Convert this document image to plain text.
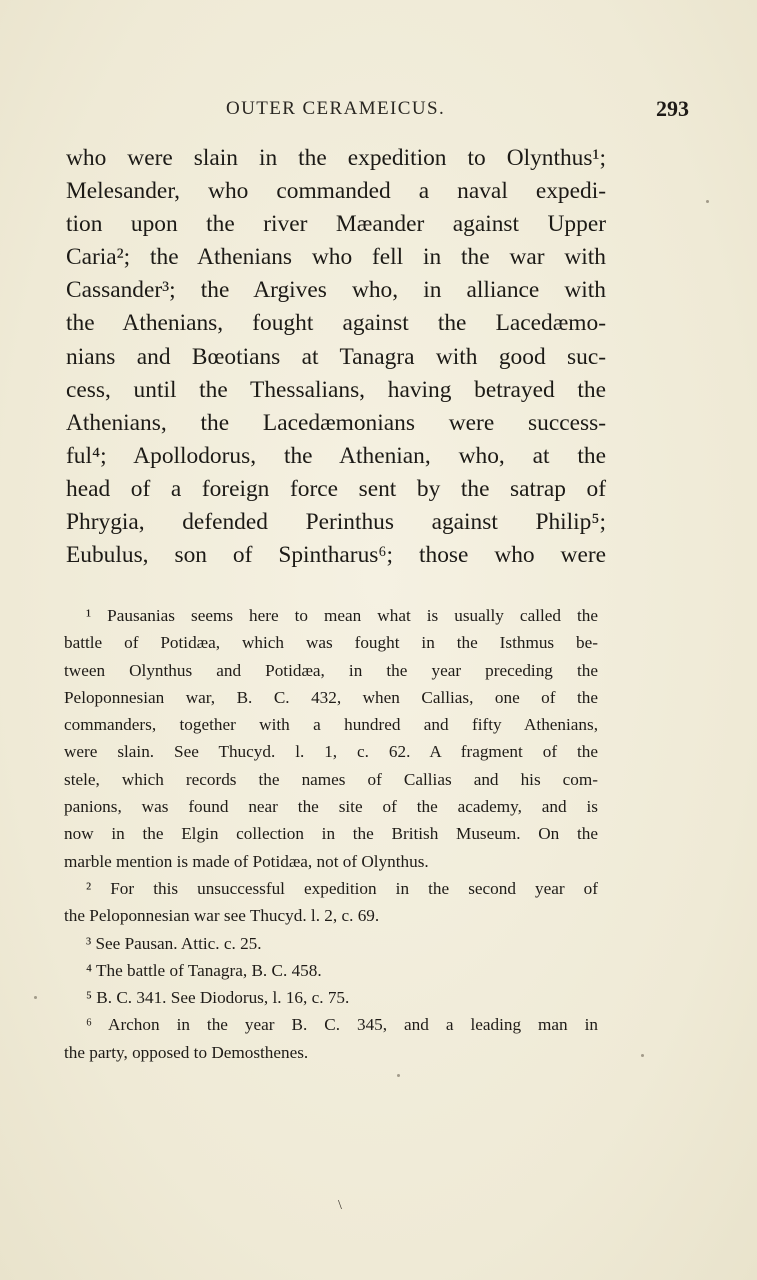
OUTER CERAMEICUS.	293
who were slain in the expedition to Olynthus¹;
Melesander, who commanded a naval expedi-
tion upon the river Mæander against Upper
Caria²; the Athenians who fell in the war with
Cassander³; the Argives who, in alliance with
the Athenians, fought against the Lacedæmo-
nians and Bœotians at Tanagra with good suc-
cess, until the Thessalians, having betrayed the
Athenians, the Lacedæmonians were success-
ful⁴; Apollodorus, the Athenian, who, at the
head of a foreign force sent by the satrap of
Phrygia, defended Perinthus against Philip⁵;
Eubulus, son of Spintharus⁶; those who were
¹ Pausanias seems here to mean what is usually called the
battle of Potidæa, which was fought in the Isthmus be-
tween Olynthus and Potidæa, in the year preceding the
Peloponnesian war, B. C. 432, when Callias, one of the
commanders, together with a hundred and fifty Athenians,
were slain. See Thucyd. l. 1, c. 62. A fragment of the
stele, which records the names of Callias and his com-
panions, was found near the site of the academy, and is
now in the Elgin collection in the British Museum. On the
marble mention is made of Potidæa, not of Olynthus.
² For this unsuccessful expedition in the second year of
the Peloponnesian war see Thucyd. l. 2, c. 69.
³ See Pausan. Attic. c. 25.
⁴ The battle of Tanagra, B. C. 458.
⁵ B. C. 341. See Diodorus, l. 16, c. 75.
⁶ Archon in the year B. C. 345, and a leading man in
the party, opposed to Demosthenes.
\
